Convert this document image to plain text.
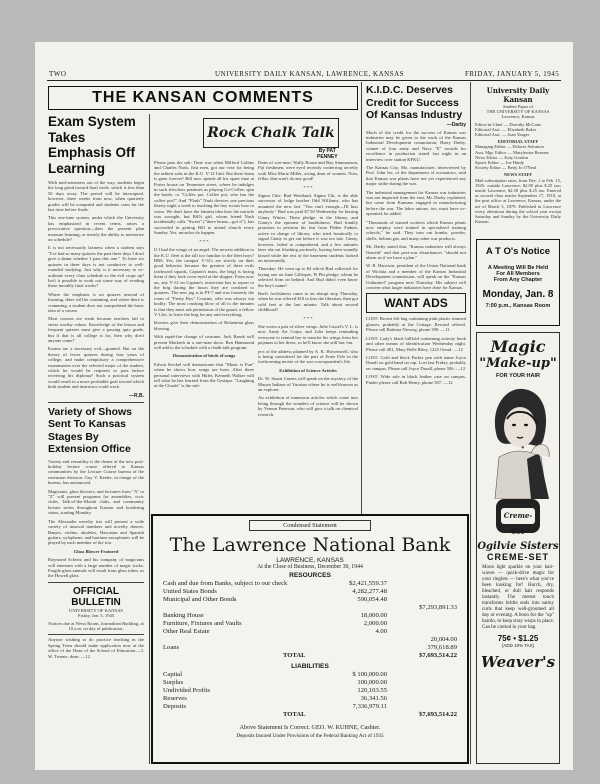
TWO	UNIVERSITY DAILY KANSAN, LAWRENCE, KANSAS	FRIDAY, JANUARY 5, 1945
THE KANSAN COMMENTS
Exam System Takes Emphasis Off Learning

With mid-semesters out of the way, students begin the long grind toward final week, which is less than 50 days away. The period will be interrupted, however, three weeks from now, when quarterly grades will be computed and students cram for the last time before finals.

This one-time system, under which the University has emphasized in recent terms, raises a provocative question—does the present plan measure learning, or merely the ability to memorize on schedule?

It is not necessarily laziness when a student says "I've had so many quizzes the past three days I don't give a damn whether I pass this one." To have six quizzes in three days is not conducive to well-rounded studying. Just why is it necessary to co-ordinate every class schedule so the evil crops up? Isn't it possible to work out some way of evading these monthly final weeks?

Where the emphasis is on quizzes instead of learning, there will be cramming, and where there is cramming, a student does not comprehend the basic idea of a course.

Most courses are weak because teachers fail to stress worthy values. Knowledge of the lesson and frequent quizzes must give a passing quiz grade, but if that is all college is for, then why don't anyone come?

Exams are a necessary evil—granted. But on the theory of fewer quizzes during four years of college, and make compulsory a comprehensive examination over the selected major of the student, which he would be required to pass before receiving his diploma? Such a practical system would result in a more profitable goal toward which both student and instructor could work.

—R.B.
Variety of Shows Sent To Kansas Stages By Extension Office

Variety and versatility is the theme of the new post-holiday lecture course offered to Kansas communities by the Lecture Course bureau of the extension division. Guy V. Keeler, in charge of the bureau, has announced.

Magicians, glass blowers, and lecturers from "A" to "Z" will present programs for assemblies, civic clubs, Talk-of-the-Month clubs, and community lecture series throughout Kansas and bordering states, starting Monday.

The Alexander novelty trio will present a wide variety of musical numbers and novelty dances. Banjos, violins, ukuleles, Hawaiian and Spanish guitars, xylophone, and baritone saxophones will be played by each member of the trio.

Glass Blower Featured

Raymond Schertz and his company of magicians will entertain with a large number of magic tricks. Fragile glass animals will result from glass tubes, as the Howell glass

OFFICIAL BULLETIN

UNIVERSITY OF KANSAS

Friday, Jan. 5, 1945

Notices due at News Room, Journalism Building, at 10 a.m. on day of publication.

Anyone wishing to do practice teaching in the Spring Term should make application now at the office of the Dean of the School of Education.—J. W. Twente, dean. —12

Rock Chalk Talk
By PAT
PENNEY

Please pass the salt: Time was when Milford Collins and Charles Nash, first men, got our vote for being the saltiest salts in the K.U. V-12 Unit. But there dorm is gone forever! Bill now spends all his spare time at Porter house on Tennessee street, where he indulges in such frivolous pastimes as playing Go-Coffee, spin the bottle, or "Coffee pot. Coffee pot, who has the coffee pot?" And "Flash" Nash devotes one precious liberty night a week to teaching the boy scouts how to swim. We don't have the faintest idea how the miracle was wrought, but Bill's girl, whom friend Nash incidentally calls "Sweet" ("there beans—got it"), has succeeded in getting Bill to attend church every Sunday. Yes, miracles do happen.

* * *

If I had the wings of an angel: The newest addition to the K.U. fleet is the tall too familiar to the fleet boys? BRS. Yes, the campus' V-12's are strictly on their good behavior because the greatest of three evils (awkward squads, Captain's mass, the brig) is facing them if they look cross-eyed at the skipper. From now on, any V-12 on Captain's restriction has to report to the brig during the hours they are confined to quarters. The new jug is in PT-7 and was formerly the room of "Pretty Boy" Cousins, who was always out bodily. The most crushing blow of all to the inmates is that they must ask permission of the guard, a fellow V-12er, to leave the brig for any and everything.

blowers give their demonstration of Bohemian glass blowing.

With rapid-fire change of costume, Jack Ransk will present Macbeth in a one-man show. Ben Hammond will add to the schedule with a chalk-talk program.

Demonstration of birds of songs

Edwin Steckel will demonstrate that "Music is Fun" when he shows how songs are born. After three personal interviews with Hitler, Kenneth Walker will tell what he has learned from the Gestapo. "Laughing at the Clouds" is the sub-

Dean of war-men: Wally Rouse and Ray Simmonson, Fiji freshmen, were eyed recently conferring secretly with Miss Marie Miller, acting dean of women. Now, fellas, that won't do any good!

* * *

Sigma Chis: Bud Wentland, Sigma Chi, is the able successor of lodge brother Odd Williams, who has assumed the new fad. "You can't enough—I'll kiss anybody." Bud was paid $7.50 Wednesday for kissing Ginny Winter, Theta pledge, in the library, and Ginny's the epitome of bashfulness. Bud frankly promises to perform his feat from Fibber Fadner, active in charge of library, who tried frantically to signal Ginny to get out before it was too late. Ginny, however, failed to comprehend, and a few minutes later she sat blushing profusely, having been soundly kissed while the rest of the basement students looked on interestedly.

Thursday: He went up to $4 which Bud collected for laying one on June Gillespie, Pi Phi pledge, whom he selected from on behind. And Bud didn't even know the boy's name!

Bud's foolishness came to an abrupt stop Thursday, when he was offered $10 to kiss the librarian, then got cold feet at the last minute. Talk about second childhood!

* * *

She wears a pair of silver wings: Julie Cassel's V. L. is now Army Air Corps, and Julie keeps reminding everyone to remind her to transfer his wings from her pajamas to her dress, so he'll know she still has 'em.

ject of the address planned by A. K. Howenwell, who is being considered for the part of Ernie Pyle in the forthcoming movie of the war correspondent's life.

Exhibition of Science Articles

Dr. W. Stuart Carnes will speak on the mystery of the Mayan Indians of Yucatan where he is well-known as an explorer.

An exhibition of numerous articles which come into being through the wonders of science will be shown by Vernon Peterson, who will give a talk on chemical research.

K.I.D.C. Deserves Credit for Success Of Kansas Industry
—Darby

Much of the credit for the success of Kansas war industries may be given to the work of the Kansas Industrial Development commission, Harry Darby, winner of four army and Navy "E" awards for excellence in production stated last night in an interview over station KFKU.

The Kansas City, Mo. manufacturer, interviewed by Prof. John Ise, of the department of economics, said that Kansas war plants have not yet experienced any major strike during the war.

The industrial management for Kansas war industries was not imported from the east, Mr. Darby explained, but came from Kansans engaged in manufacturing before the war. The labor unions, too, must have co-operated, he added.

"Thousands of trained workers which Kansas plants now employ were trained in specialized training schools," he said. They turn out bombs, powder, shells, helium gas, and many other war products.

Mr. Darby stated that, "Kansas industries will always flourish" and that post-war disturbances "should not alarm us if we have a plan."

W. R. Harrison, president of the Union National bank of Wichita and a member of the Kansas Industrial Development commission, will speak on the "Kansas Unlimited" program next Thursday. His subject will concern what larger industries have done for Kansas.

WANT ADS

LOST: Brown felt bag containing pink plastic rimmed glasses, probably at the Cottage. Reward offered. Please call Barbara Nieweg, phone 390. —11

LOST: Lady's black billfold containing activity book and other means of identification Wednesday night. Please call 481, Mary Belle Riley, 1225 Oread. —12

LOST: Gold and black Parker pen with name Joyce Durall on gold band on cap. Lost last Friday, probably on campus. Please call Joyce Durall, phone 506. —12

LOST: Wide rule in black leather case on campus. Finder please call Bob Henry, phone 507. —12

University Daily Kansan
Student Paper of
THE UNIVERSITY OF KANSAS
Lawrence, Kansas
Editor-in-Chief — Dorothy McCune
Editorial Asst. — Elizabeth Baker
Editorial Asst. — Joan Yeager
EDITORIAL STAFF
Managing Editor — Delores Solomon
Asst. Mgr. Editor — Marylouise Reusser
News Editor — Katy Gordon
Sports Editor — Joe Hardy
Society Editor — Betty Jo O'Neal
NEWS STAFF
Mail subscription rates, from Dec. 1 to Feb. 15, 1945: outside Lawrence, $2.00 plus $.25 tax; inside Lawrence, $2.50 plus $.25 tax. Entered as second class matter September 17, 1910, at the post office at Lawrence, Kansas, under the act of March 3, 1879. Published in Lawrence every afternoon during the school year except Saturday and Sunday by the University Daily Kansan.
A T O's Notice
A Meeting Will Be Held
For All Members
From Any Chapter
Monday, Jan. 8
7:00 p.m., Kansas Room
Magic
"Make-up"
FOR YOUR HAIR
Creme-Set
Ogilvie Sisters
CREME-SET

Moon light sparkle on your hair-waves — quick-drive magic for your ringlets — here's what you've been looking for! Hurch, dry, bleached, or dull hair responds instantly. The merest touch transforms brittle ends into satiny curls that keep well-groomed all day or evening. A boon for the "up" hairdo, to keep stray wisps in place. Can be carried in your bag.

75¢ • $1.25
(ADD 10% TAX)
Weaver's
Condensed Statement
The Lawrence National Bank
LAWRENCE, KANSAS
At the Close of Business, December 30, 1944
RESOURCES
Cash and due from Banks, subject to our check	$2,421,559.37
United States Bonds	4,282,277.48
Municipal and Other Bonds	590,054.48
$7,293,891.33
Banking House	18,000.00
Furniture, Fixtures and Vaults	2,000.00
Other Real Estate	4.00
20,004.00
Loans	379,618.89
TOTAL	$7,693,514.22
LIABILITIES
Capital	$ 100,000.00
Surplus	100,000.00
Undivided Profits	120,103.55
Reserves	36,341.56
Deposits	7,336,979.11
TOTAL	$7,693,514.22
Above Statement Is Correct. GEO. W. KUHNE, Cashier.
Deposits Insured Under Provisions of the Federal Banking Act of 1935
